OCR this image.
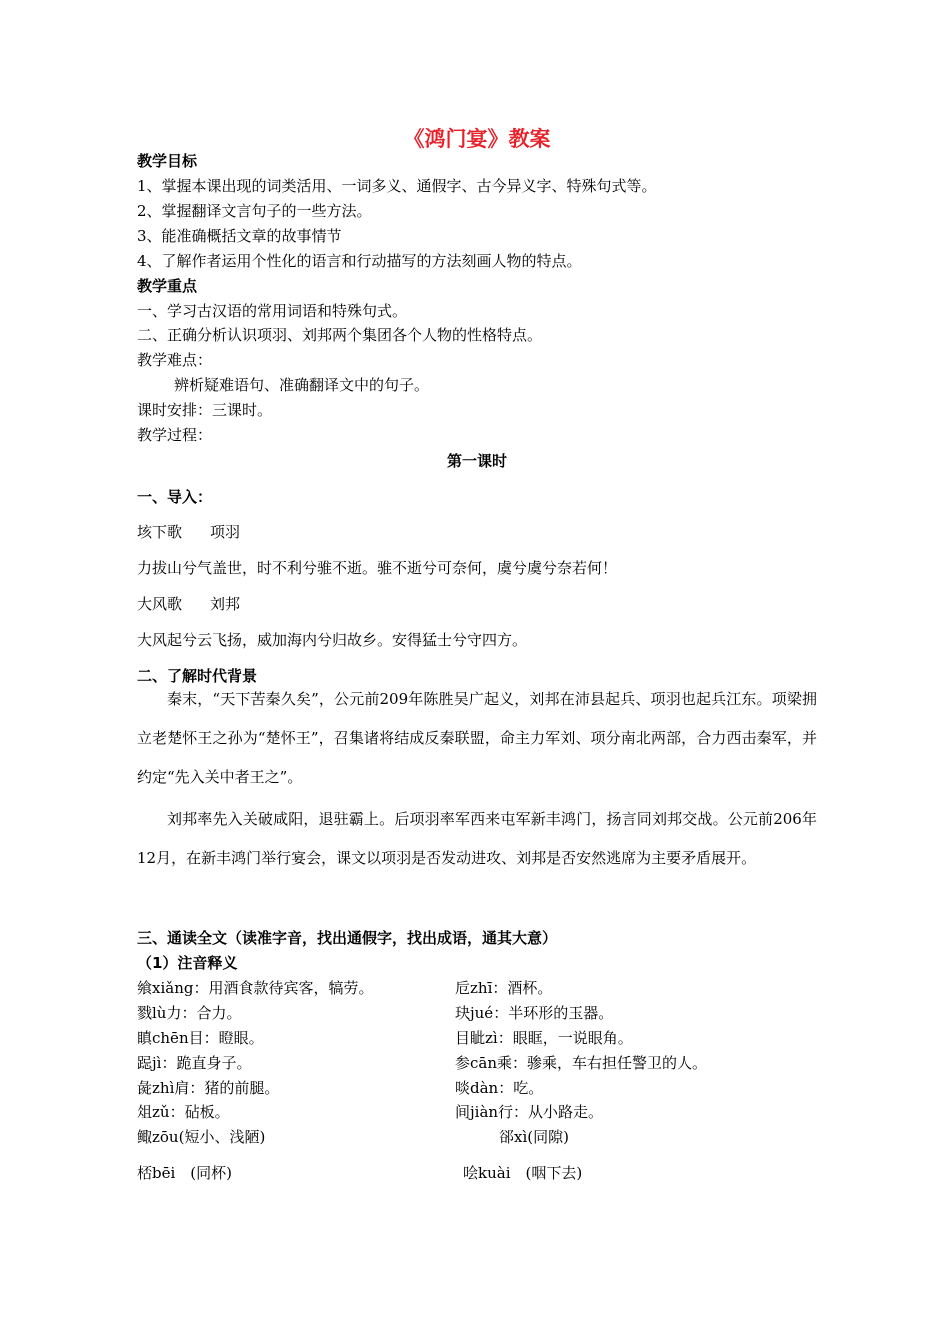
《鸿门宴》教案

教学目标

1、掌握本课出现的词类活用、一词多义、通假字、古今异义字、特殊句式等。

2、掌握翻译文言句子的一些方法。

3、能准确概括文章的故事情节

4、了解作者运用个性化的语言和行动描写的方法刻画人物的特点。

教学重点

一、学习古汉语的常用词语和特殊句式。

二、正确分析认识项羽、刘邦两个集团各个人物的性格特点。

教学难点：

辨析疑难语句、准确翻译文中的句子。

课时安排：三课时。

教学过程：

第一课时

一、导入：

垓下歌 项羽

力拔山兮气盖世，时不利兮骓不逝。骓不逝兮可奈何，虞兮虞兮奈若何！

大风歌 刘邦

大风起兮云飞扬，威加海内兮归故乡。安得猛士兮守四方。

二、了解时代背景

秦末，“天下苦秦久矣”，公元前209年陈胜吴广起义，刘邦在沛县起兵、项羽也起兵江东。项梁拥立老楚怀王之孙为“楚怀王”，召集诸将结成反秦联盟，命主力军刘、项分南北两部，合力西击秦军，并约定“先入关中者王之”。

刘邦率先入关破咸阳，退驻霸上。后项羽率军西来屯军新丰鸿门，扬言同刘邦交战。公元前206年12月，在新丰鸿门举行宴会，课文以项羽是否发动进攻、刘邦是否安然逃席为主要矛盾展开。

三、通读全文（读准字音，找出通假字，找出成语，通其大意）

（1）注音释义

飨xiǎng：用酒食款待宾客，犒劳。

戮lù力：合力。

瞋chēn目：瞪眼。

跽jì：跪直身子。

彘zhì肩：猪的前腿。

俎zǔ：砧板。

鲰zōu(短小、浅陋)

卮zhī：酒杯。

玦jué：半环形的玉器。

目眦zì：眼眶，一说眼角。

参cān乘：骖乘，车右担任警卫的人。

啖dàn：吃。

间jiàn行：从小路走。

郤xì(同隙)

桮bēi　(同杯)	哙kuài　(咽下去)
